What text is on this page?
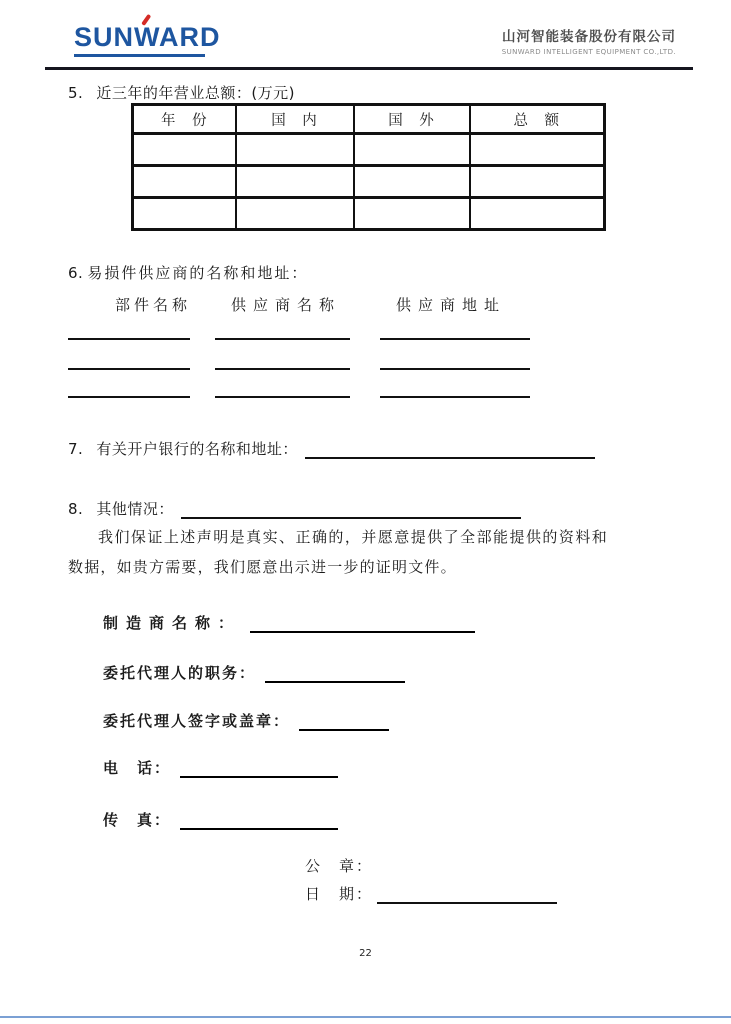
SUNWARD	山河智能装备股份有限公司
SUNWARD INTELLIGENT EQUIPMENT CO.,LTD.
5. 近三年的年营业总额：(万元)
年　份	国　内	国　外	总　额

6. 易损件供应商的名称和地址：
部件名称	供应商名称	供应商地址
7. 有关开户银行的名称和地址：
8. 其他情况：
我们保证上述声明是真实、正确的，并愿意提供了全部能提供的资料和数据，如贵方需要，我们愿意出示进一步的证明文件。
制造商名称：
委托代理人的职务：
委托代理人签字或盖章：
电　话：
传　真：
公　章：
日　期：
22
